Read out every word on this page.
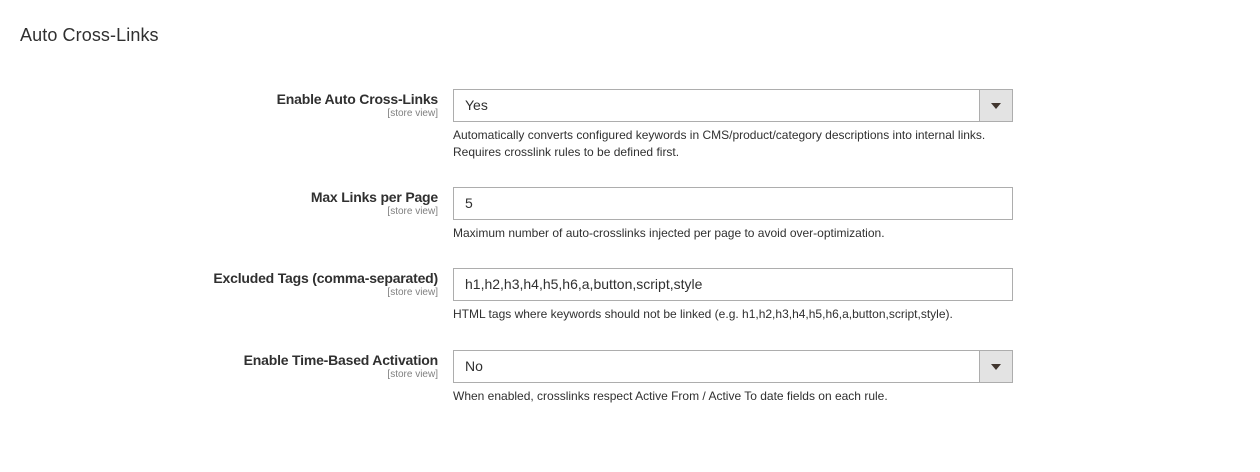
Auto Cross-Links
Enable Auto Cross-Links
[store view]
Yes
Automatically converts configured keywords in CMS/product/category descriptions into internal links. Requires crosslink rules to be defined first.
Max Links per Page
[store view]
5
Maximum number of auto-crosslinks injected per page to avoid over-optimization.
Excluded Tags (comma-separated)
[store view]
h1,h2,h3,h4,h5,h6,a,button,script,style
HTML tags where keywords should not be linked (e.g. h1,h2,h3,h4,h5,h6,a,button,script,style).
Enable Time-Based Activation
[store view]
No
When enabled, crosslinks respect Active From / Active To date fields on each rule.
